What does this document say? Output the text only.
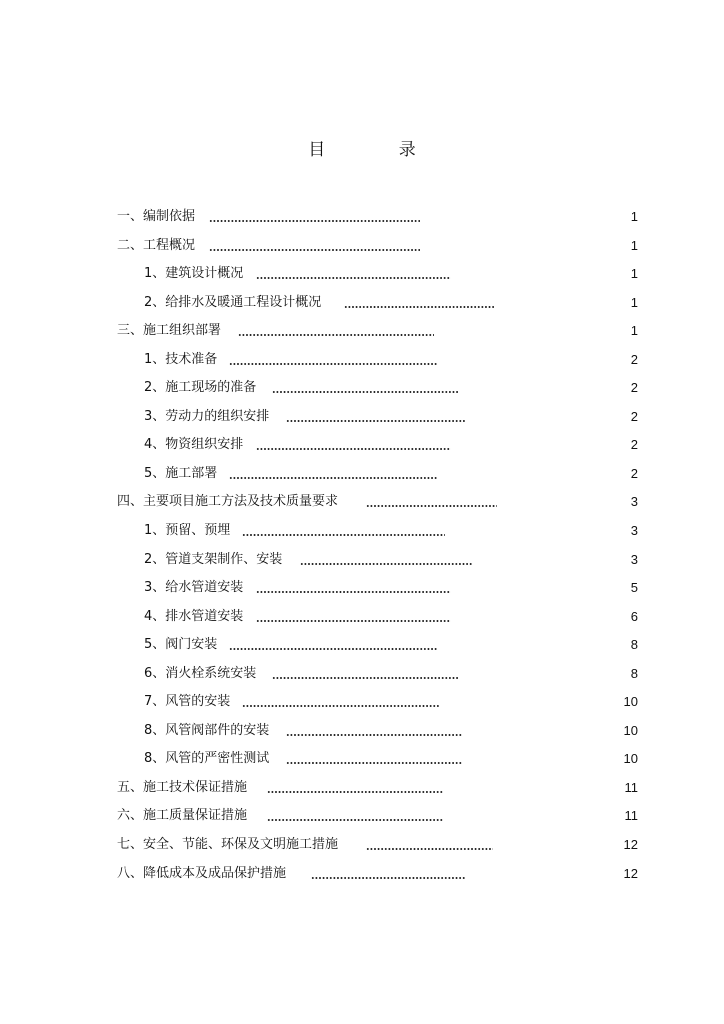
目 录
一、编制依据	1
二、工程概况	1
1、建筑设计概况	1
2、给排水及暖通工程设计概况	1
三、施工组织部署	1
1、技术准备	2
2、施工现场的准备	2
3、劳动力的组织安排	2
4、物资组织安排	2
5、施工部署	2
四、主要项目施工方法及技术质量要求	3
1、预留、预埋	3
2、管道支架制作、安装	3
3、给水管道安装	5
4、排水管道安装	6
5、阀门安装	8
6、消火栓系统安装	8
7、风管的安装	10
8、风管阀部件的安装	10
8、风管的严密性测试	10
五、施工技术保证措施	11
六、施工质量保证措施	11
七、安全、节能、环保及文明施工措施	12
八、降低成本及成品保护措施	12
